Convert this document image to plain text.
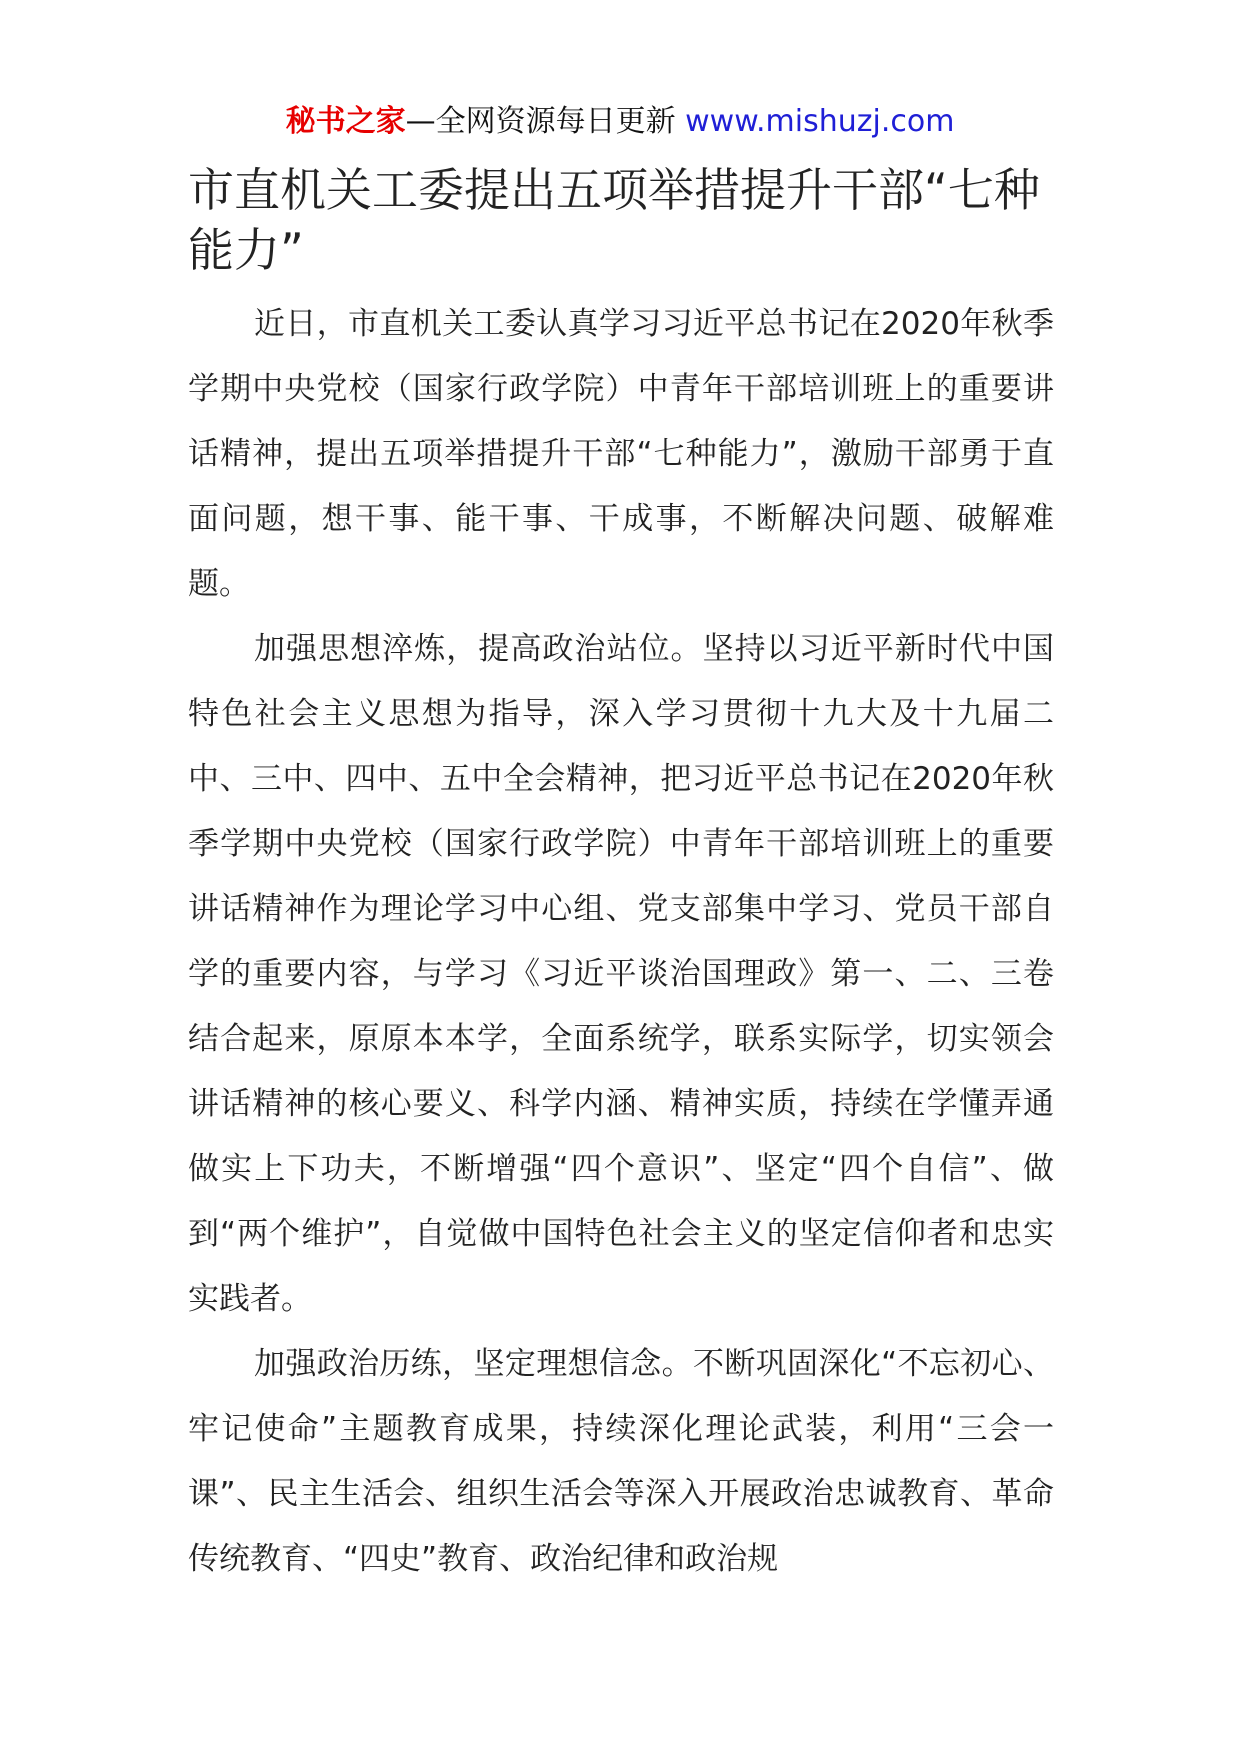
秘书之家—全网资源每日更新 www.mishuzj.com
市直机关工委提出五项举措提升干部“七种能力”

近日，市直机关工委认真学习习近平总书记在2020年秋季学期中央党校（国家行政学院）中青年干部培训班上的重要讲话精神，提出五项举措提升干部“七种能力”，激励干部勇于直面问题，想干事、能干事、干成事，不断解决问题、破解难题。

加强思想淬炼，提高政治站位。坚持以习近平新时代中国特色社会主义思想为指导，深入学习贯彻十九大及十九届二中、三中、四中、五中全会精神，把习近平总书记在2020年秋季学期中央党校（国家行政学院）中青年干部培训班上的重要讲话精神作为理论学习中心组、党支部集中学习、党员干部自学的重要内容，与学习《习近平谈治国理政》第一、二、三卷结合起来，原原本本学，全面系统学，联系实际学，切实领会讲话精神的核心要义、科学内涵、精神实质，持续在学懂弄通做实上下功夫，不断增强“四个意识”、坚定“四个自信”、做到“两个维护”，自觉做中国特色社会主义的坚定信仰者和忠实实践者。

加强政治历练，坚定理想信念。不断巩固深化“不忘初心、牢记使命”主题教育成果，持续深化理论武装，利用“三会一课”、民主生活会、组织生活会等深入开展政治忠诚教育、革命传统教育、“四史”教育、政治纪律和政治规
